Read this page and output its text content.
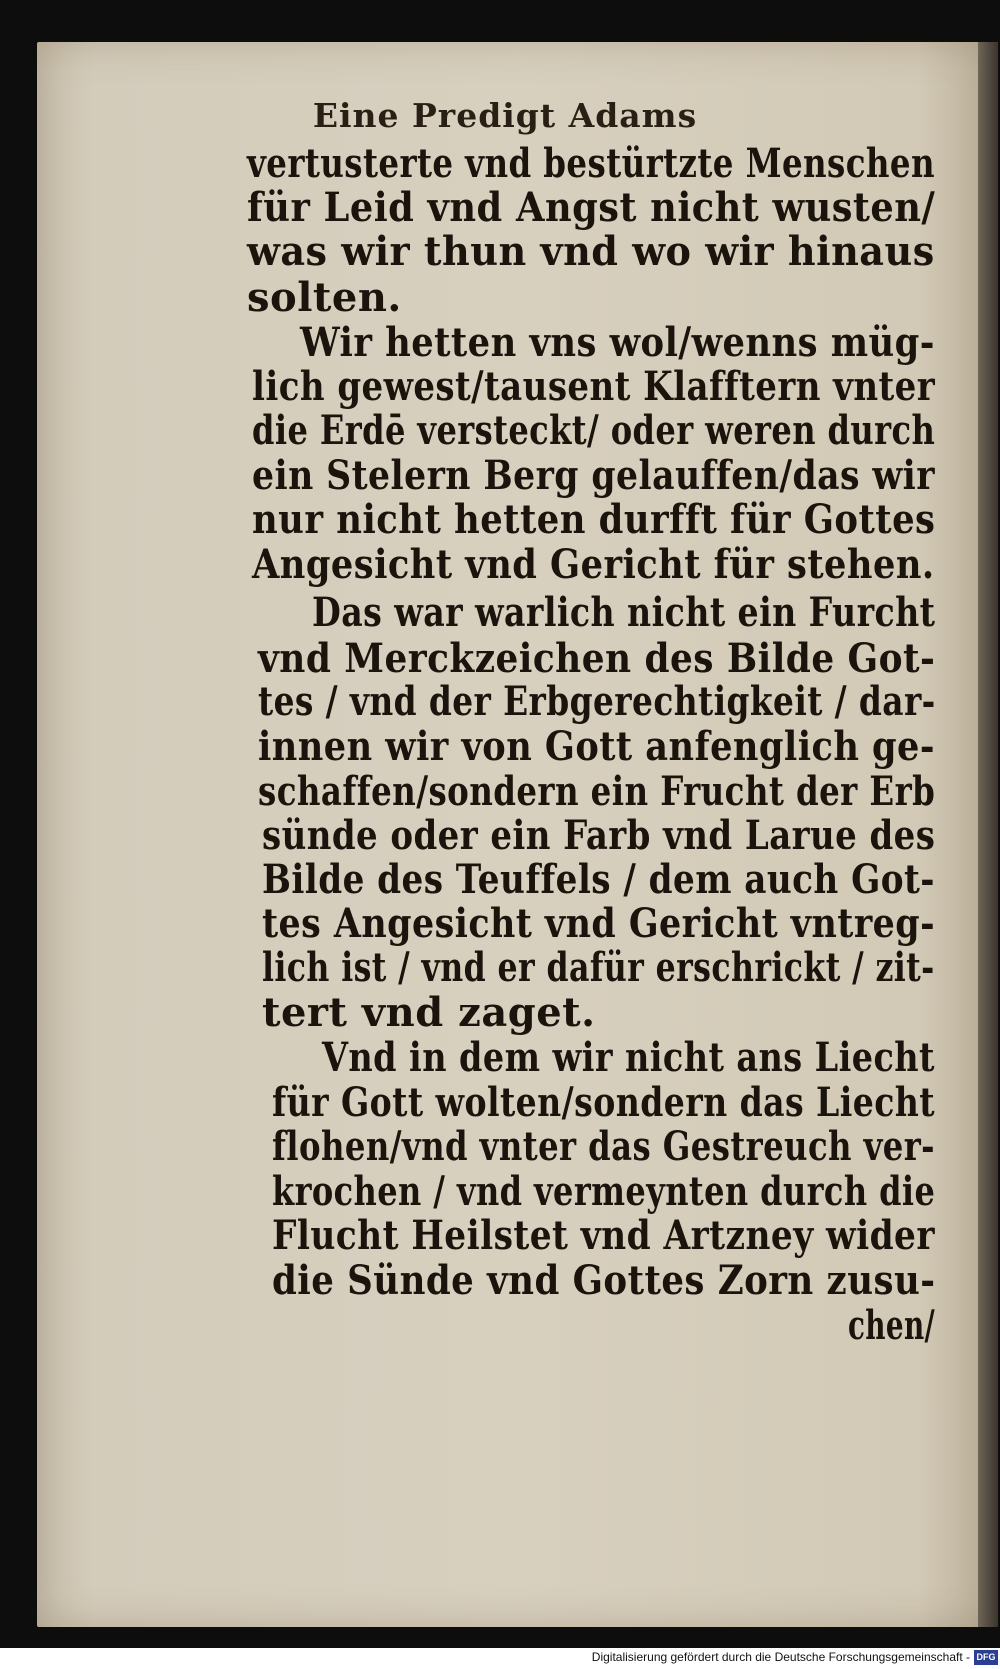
Eine Predigt Adams
vertusterte vnd bestürtzte Menschen
für Leid vnd Angst nicht wusten/
was wir thun vnd wo wir hinaus
solten.
Wir hetten vns wol/wenns müg-
lich gewest/tausent Klafftern vnter
die Erdē versteckt/ oder weren durch
ein Stelern Berg gelauffen/das wir
nur nicht hetten durfft für Gottes
Angesicht vnd Gericht für stehen.
Das war warlich nicht ein Furcht
vnd Merckzeichen des Bilde Got-
tes / vnd der Erbgerechtigkeit / dar-
innen wir von Gott anfenglich ge-
schaffen/sondern ein Frucht der Erb
sünde oder ein Farb vnd Larue des
Bilde des Teuffels / dem auch Got-
tes Angesicht vnd Gericht vntreg-
lich ist / vnd er dafür erschrickt / zit-
tert vnd zaget.
Vnd in dem wir nicht ans Liecht
für Gott wolten/sondern das Liecht
flohen/vnd vnter das Gestreuch ver-
krochen / vnd vermeynten durch die
Flucht Heilstet vnd Artzney wider
die Sünde vnd Gottes Zorn zusu-
chen/
Digitalisierung gefördert durch die Deutsche Forschungsgemeinschaft - DFG
